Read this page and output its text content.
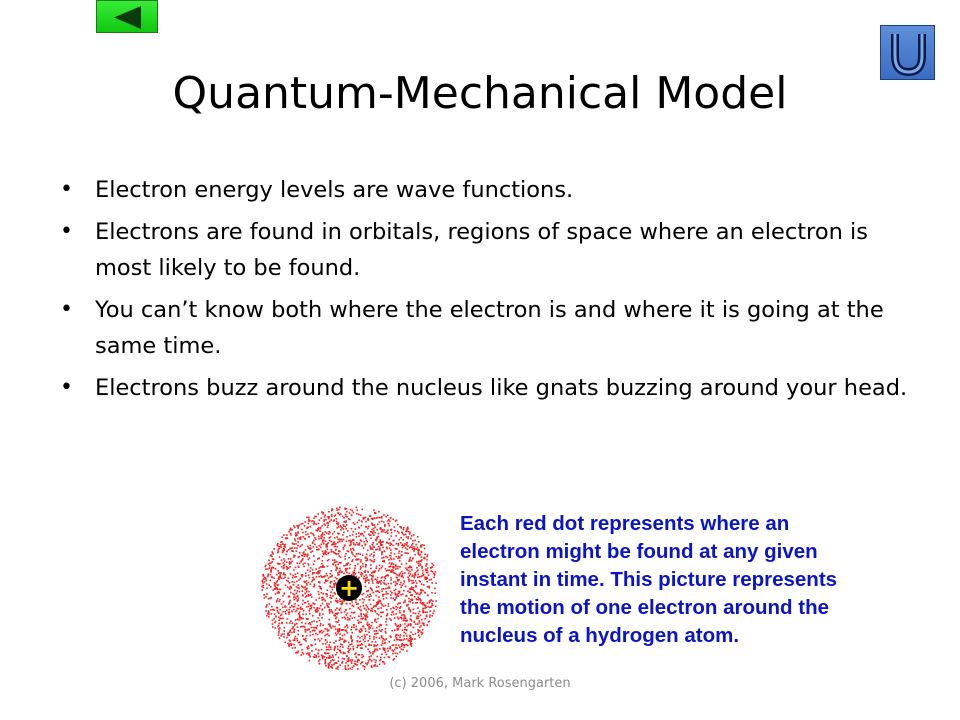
Quantum-Mechanical Model
• Electron energy levels are wave functions.
• Electrons are found in orbitals, regions of space where an electron is most likely to be found.
• You can’t know both where the electron is and where it is going at the same time.
• Electrons buzz around the nucleus like gnats buzzing around your head.
+
Each red dot represents where an
electron might be found at any given
instant in time. This picture represents
the motion of one electron around the
nucleus of a hydrogen atom.
(c) 2006, Mark Rosengarten
